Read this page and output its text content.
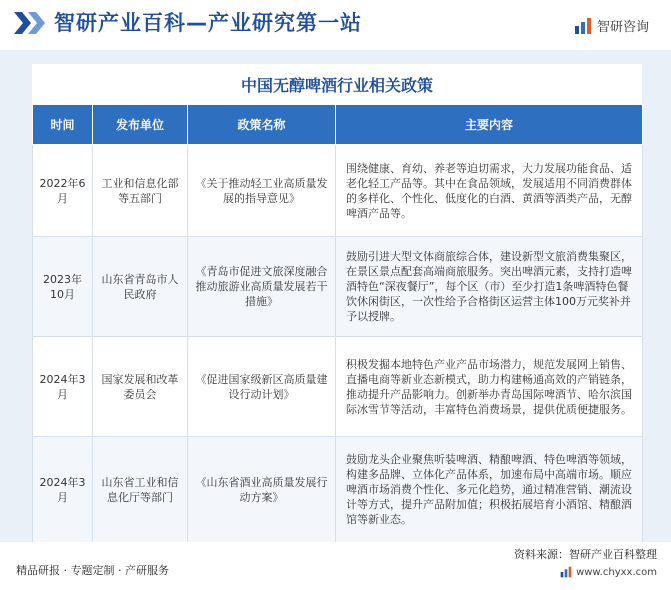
智研产业百科—产业研究第一站	智研咨询
中国无醇啤酒行业相关政策
时间	发布单位	政策名称	主要内容
2022年6月	工业和信息化部等五部门	《关于推动轻工业高质量发展的指导意见》	围绕健康、育幼、养老等迫切需求，大力发展功能食品、适老化轻工产品等。其中在食品领域，发展适用不同消费群体的多样化、个性化、低度化的白酒、黄酒等酒类产品，无醇啤酒产品等。
2023年10月	山东省青岛市人民政府	《青岛市促进文旅深度融合推动旅游业高质量发展若干措施》	鼓励引进大型文体商旅综合体，建设新型文旅消费集聚区，在景区景点配套高端商旅服务。突出啤酒元素，支持打造啤酒特色“深夜餐厅”，每个区（市）至少打造1条啤酒特色餐饮休闲街区，一次性给予合格街区运营主体100万元奖补并予以授牌。
2024年3月	国家发展和改革委员会	《促进国家级新区高质量建设行动计划》	积极发掘本地特色产业产品市场潜力，规范发展网上销售、直播电商等新业态新模式，助力构建畅通高效的产销链条，推动提升产品影响力。创新举办青岛国际啤酒节、哈尔滨国际冰雪节等活动，丰富特色消费场景，提供优质便捷服务。
2024年3月	山东省工业和信息化厅等部门	《山东省酒业高质量发展行动方案》	鼓励龙头企业聚焦听装啤酒、精酿啤酒、特色啤酒等领域，构建多品牌、立体化产品体系，加速布局中高端市场。顺应啤酒市场消费个性化、多元化趋势，通过精准营销、潮流设计等方式，提升产品附加值；积极拓展培育小酒馆、精酿酒馆等新业态。
精品研报 · 专题定制 · 产研服务
资料来源：智研产业百科整理
www.chyxx.com
